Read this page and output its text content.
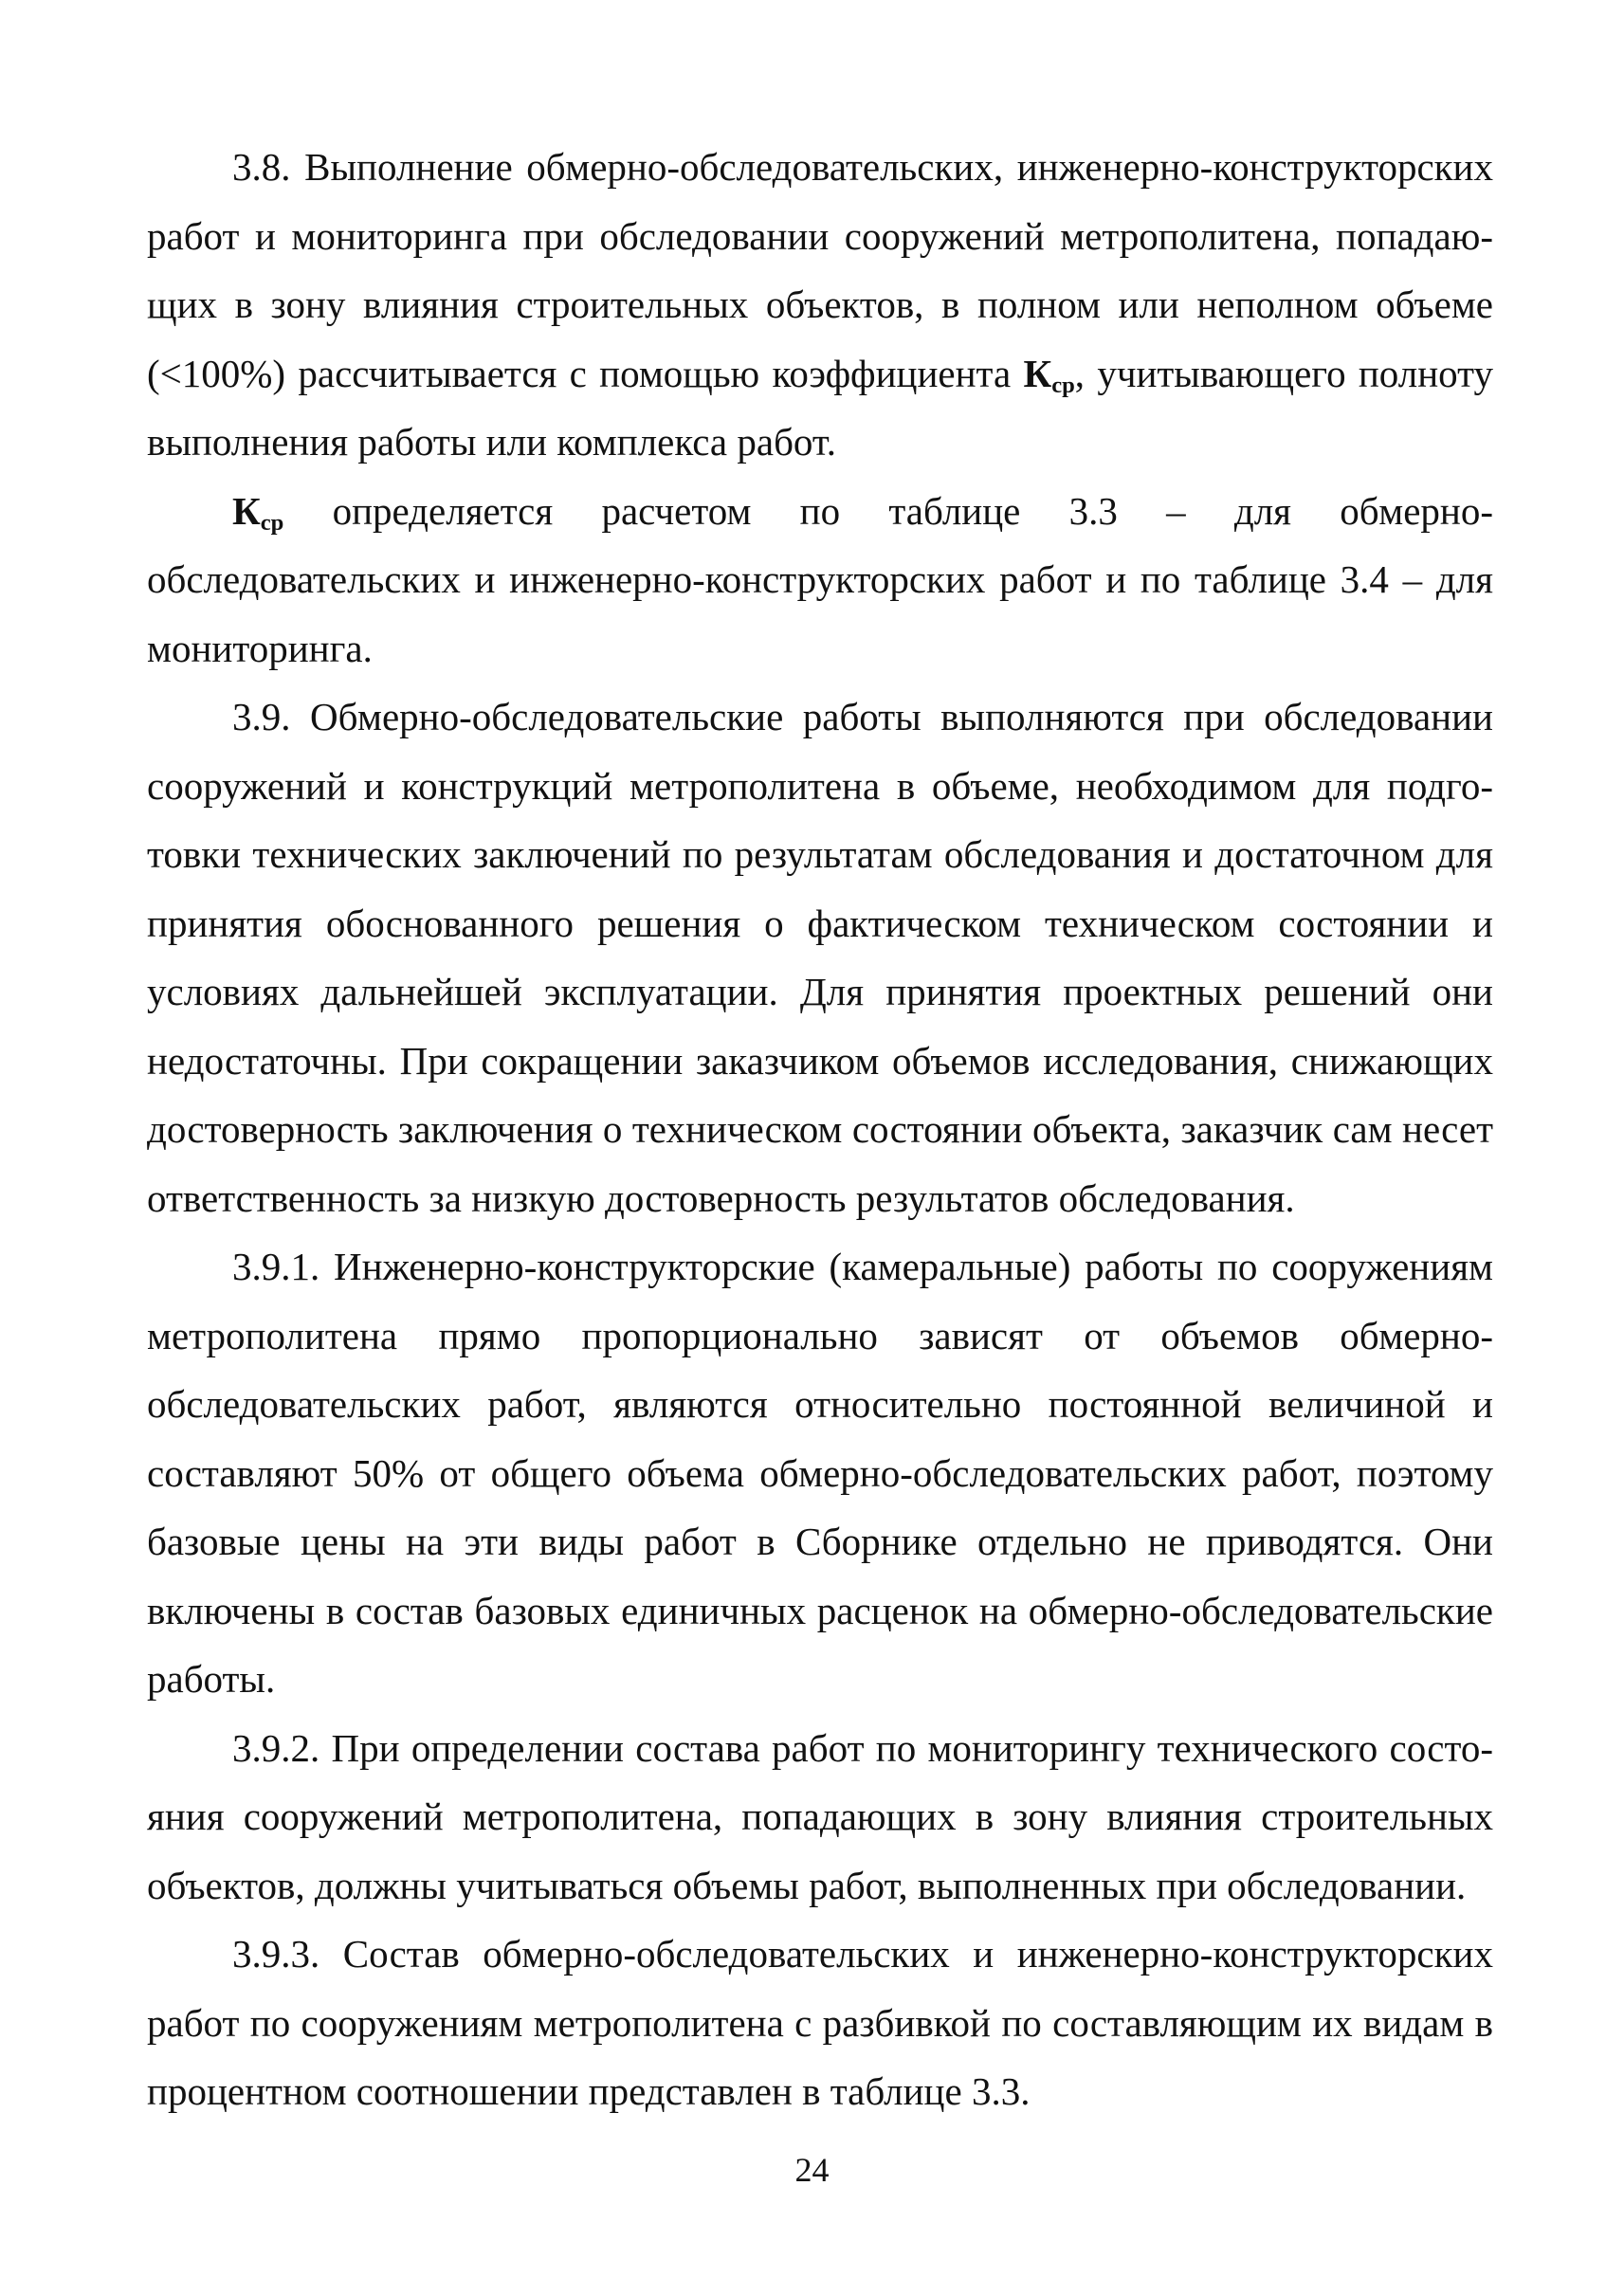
3.8. Выполнение обмерно-обследовательских, инженерно-конструкторских работ и мониторинга при обследовании сооружений метрополитена, попадающих в зону влияния строительных объектов, в полном или неполном объеме (<100%) рассчитывается с помощью коэффициента $К_{ср}$, учитывающего полноту выполнения работы или комплекса работ.

$К_{ср}$ определяется расчетом по таблице 3.3 – для обмерно-обследовательских и инженерно-конструкторских работ и по таблице 3.4 – для мониторинга.

3.9. Обмерно-обследовательские работы выполняются при обследовании сооружений и конструкций метрополитена в объеме, необходимом для подготовки технических заключений по результатам обследования и достаточном для принятия обоснованного решения о фактическом техническом состоянии и условиях дальнейшей эксплуатации. Для принятия проектных решений они недостаточны. При сокращении заказчиком объемов исследования, снижающих достоверность заключения о техническом состоянии объекта, заказчик сам несет ответственность за низкую достоверность результатов обследования.

3.9.1. Инженерно-конструкторские (камеральные) работы по сооружениям метрополитена прямо пропорционально зависят от объемов обмерно-обследовательских работ, являются относительно постоянной величиной и составляют 50% от общего объема обмерно-обследовательских работ, поэтому базовые цены на эти виды работ в Сборнике отдельно не приводятся. Они включены в состав базовых единичных расценок на обмерно-обследовательские работы.

3.9.2. При определении состава работ по мониторингу технического состояния сооружений метрополитена, попадающих в зону влияния строительных объектов, должны учитываться объемы работ, выполненных при обследовании.

3.9.3. Состав обмерно-обследовательских и инженерно-конструкторских работ по сооружениям метрополитена с разбивкой по составляющим их видам в процентном соотношении представлен в таблице 3.3.

24
